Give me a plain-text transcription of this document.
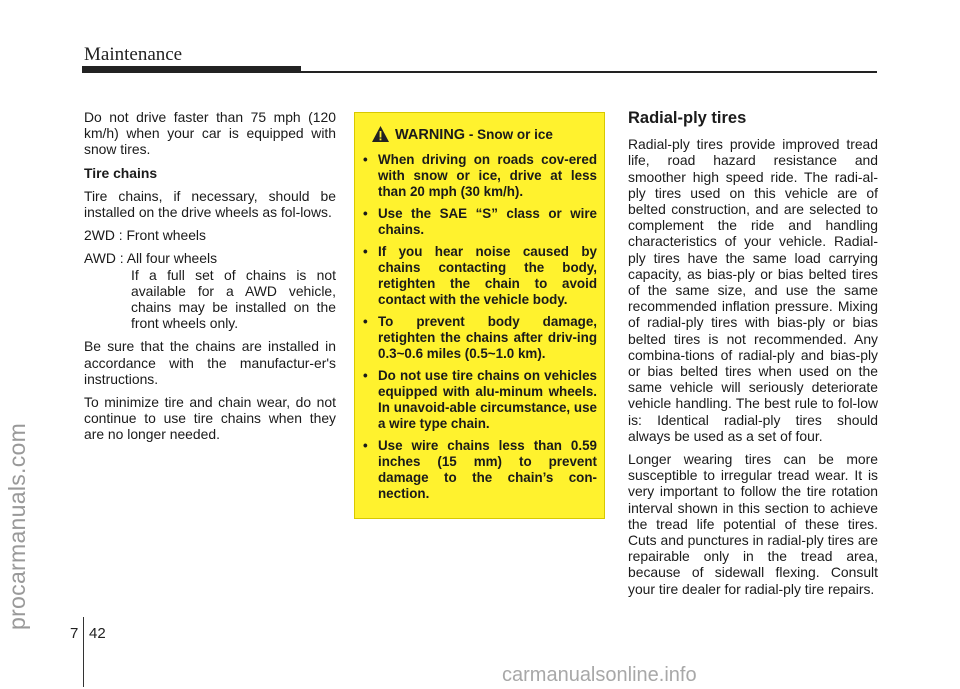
Maintenance
procarmanuals.com

Do not drive faster than 75 mph (120 km/h) when your car is equipped with snow tires.

Tire chains

Tire chains, if necessary, should be installed on the drive wheels as fol-lows.

2WD : Front wheels

AWD : All four wheels

If a full set of chains is not available for a AWD vehicle, chains may be installed on the front wheels only.

Be sure that the chains are installed in accordance with the manufactur-er's instructions.

To minimize tire and chain wear, do not continue to use tire chains when they are no longer needed.

WARNING - Snow or ice
• When driving on roads cov-ered with snow or ice, drive at less than 20 mph (30 km/h).
• Use the SAE “S” class or wire chains.
• If you hear noise caused by chains contacting the body, retighten the chain to avoid contact with the vehicle body.
• To prevent body damage, retighten the chains after driv-ing 0.3~0.6 miles (0.5~1.0 km).
• Do not use tire chains on vehicles equipped with alu-minum wheels. In unavoid-able circumstance, use a wire type chain.
• Use wire chains less than 0.59 inches (15 mm) to prevent damage to the chain’s con-nection.

Radial-ply tires

Radial-ply tires provide improved tread life, road hazard resistance and smoother high speed ride. The radi-al-ply tires used on this vehicle are of belted construction, and are selected to complement the ride and handling characteristics of your vehicle. Radial-ply tires have the same load carrying capacity, as bias-ply or bias belted tires of the same size, and use the same recommended inflation pressure. Mixing of radial-ply tires with bias-ply or bias belted tires is not recommended. Any combina-tions of radial-ply and bias-ply or bias belted tires when used on the same vehicle will seriously deteriorate vehicle handling. The best rule to fol-low is: Identical radial-ply tires should always be used as a set of four.

Longer wearing tires can be more susceptible to irregular tread wear. It is very important to follow the tire rotation interval shown in this section to achieve the tread life potential of these tires. Cuts and punctures in radial-ply tires are repairable only in the tread area, because of sidewall flexing. Consult your tire dealer for radial-ply tire repairs.

7 42
carmanualsonline.info
